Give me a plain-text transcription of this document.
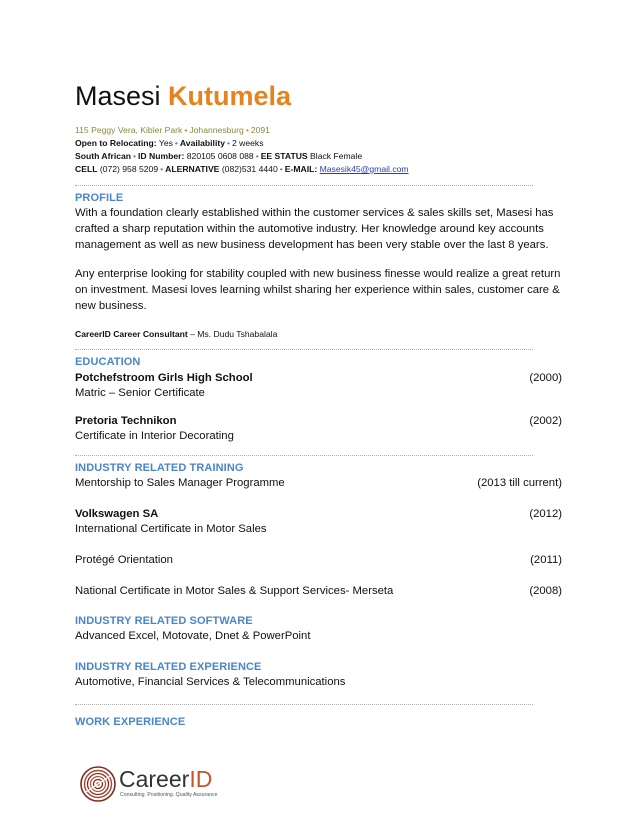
Masesi Kutumela
115 Peggy Vera, Kibler Park • Johannesburg • 2091
Open to Relocating: Yes • Availability • 2 weeks
South African • ID Number: 820105 0608 088 • EE STATUS Black Female
CELL (072) 958 5209 • ALERNATIVE (082)531 4440 • E-MAIL: Masesik45@gmail.com
PROFILE
With a foundation clearly established within the customer services & sales skills set, Masesi has crafted a sharp reputation within the automotive industry. Her knowledge around key accounts management as well as new business development has been very stable over the last 8 years.
Any enterprise looking for stability coupled with new business finesse would realize a great return on investment. Masesi loves learning whilst sharing her experience within sales, customer care & new business.
CareerID Career Consultant – Ms. Dudu Tshabalala
EDUCATION
Potchefstroom Girls High School	(2000)
Matric – Senior Certificate
Pretoria Technikon	(2002)
Certificate in Interior Decorating
INDUSTRY RELATED TRAINING
Mentorship to Sales Manager Programme	(2013 till current)
Volkswagen SA	(2012)
International Certificate in Motor Sales
Protégé Orientation	(2011)
National Certificate in Motor Sales & Support Services- Merseta	(2008)
INDUSTRY RELATED SOFTWARE
Advanced Excel, Motovate, Dnet & PowerPoint
INDUSTRY RELATED EXPERIENCE
Automotive, Financial Services & Telecommunications
WORK EXPERIENCE
CareerID
Consulting. Positioning. Quality Assurance
